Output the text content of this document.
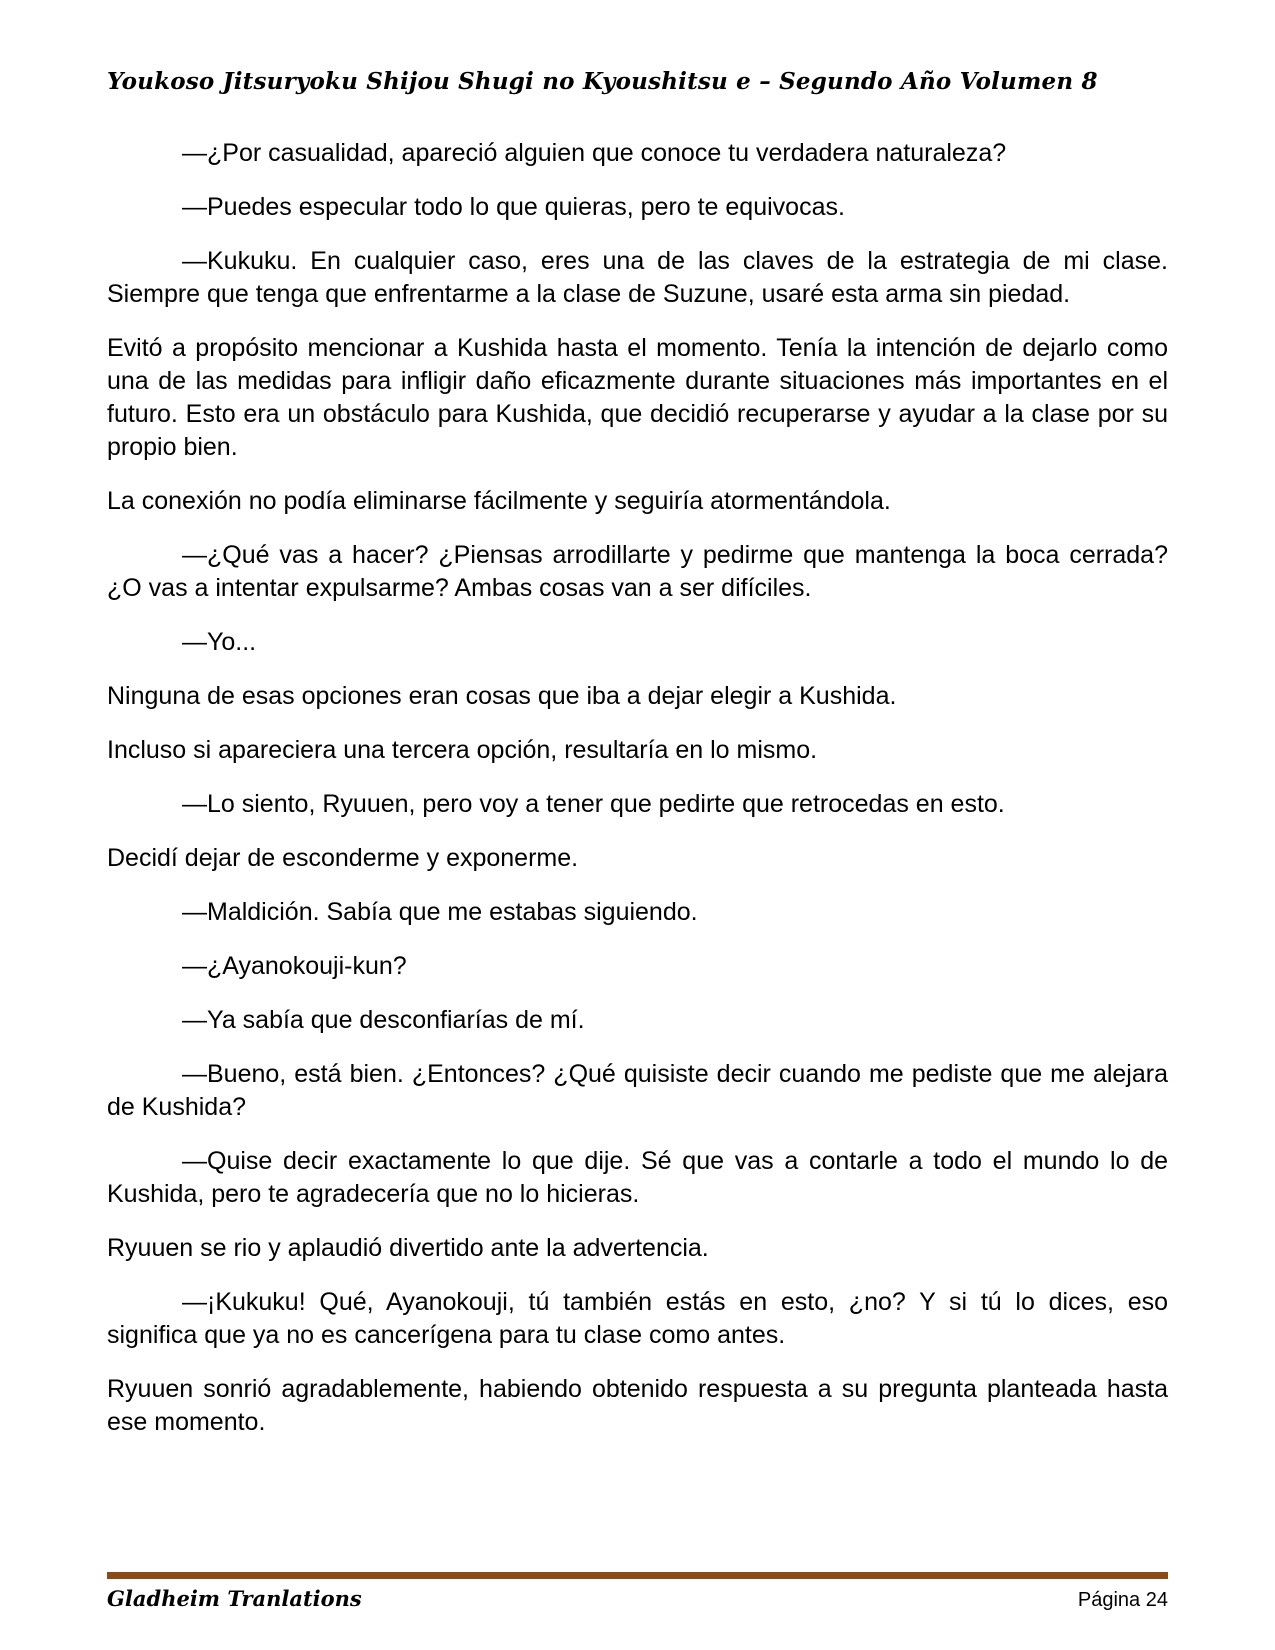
Youkoso Jitsuryoku Shijou Shugi no Kyoushitsu e – Segundo Año Volumen 8

—¿Por casualidad, apareció alguien que conoce tu verdadera naturaleza?

—Puedes especular todo lo que quieras, pero te equivocas.

—Kukuku. En cualquier caso, eres una de las claves de la estrategia de mi clase. Siempre que tenga que enfrentarme a la clase de Suzune, usaré esta arma sin piedad.

Evitó a propósito mencionar a Kushida hasta el momento. Tenía la intención de dejarlo como una de las medidas para infligir daño eficazmente durante situaciones más importantes en el futuro. Esto era un obstáculo para Kushida, que decidió recuperarse y ayudar a la clase por su propio bien.

La conexión no podía eliminarse fácilmente y seguiría atormentándola.

—¿Qué vas a hacer? ¿Piensas arrodillarte y pedirme que mantenga la boca cerrada? ¿O vas a intentar expulsarme? Ambas cosas van a ser difíciles.

—Yo...

Ninguna de esas opciones eran cosas que iba a dejar elegir a Kushida.

Incluso si apareciera una tercera opción, resultaría en lo mismo.

—Lo siento, Ryuuen, pero voy a tener que pedirte que retrocedas en esto.

Decidí dejar de esconderme y exponerme.

—Maldición. Sabía que me estabas siguiendo.

—¿Ayanokouji-kun?

—Ya sabía que desconfiarías de mí.

—Bueno, está bien. ¿Entonces? ¿Qué quisiste decir cuando me pediste que me alejara de Kushida?

—Quise decir exactamente lo que dije. Sé que vas a contarle a todo el mundo lo de Kushida, pero te agradecería que no lo hicieras.

Ryuuen se rio y aplaudió divertido ante la advertencia.

—¡Kukuku! Qué, Ayanokouji, tú también estás en esto, ¿no? Y si tú lo dices, eso significa que ya no es cancerígena para tu clase como antes.

Ryuuen sonrió agradablemente, habiendo obtenido respuesta a su pregunta planteada hasta ese momento.

Gladheim Tranlations	Página 24
